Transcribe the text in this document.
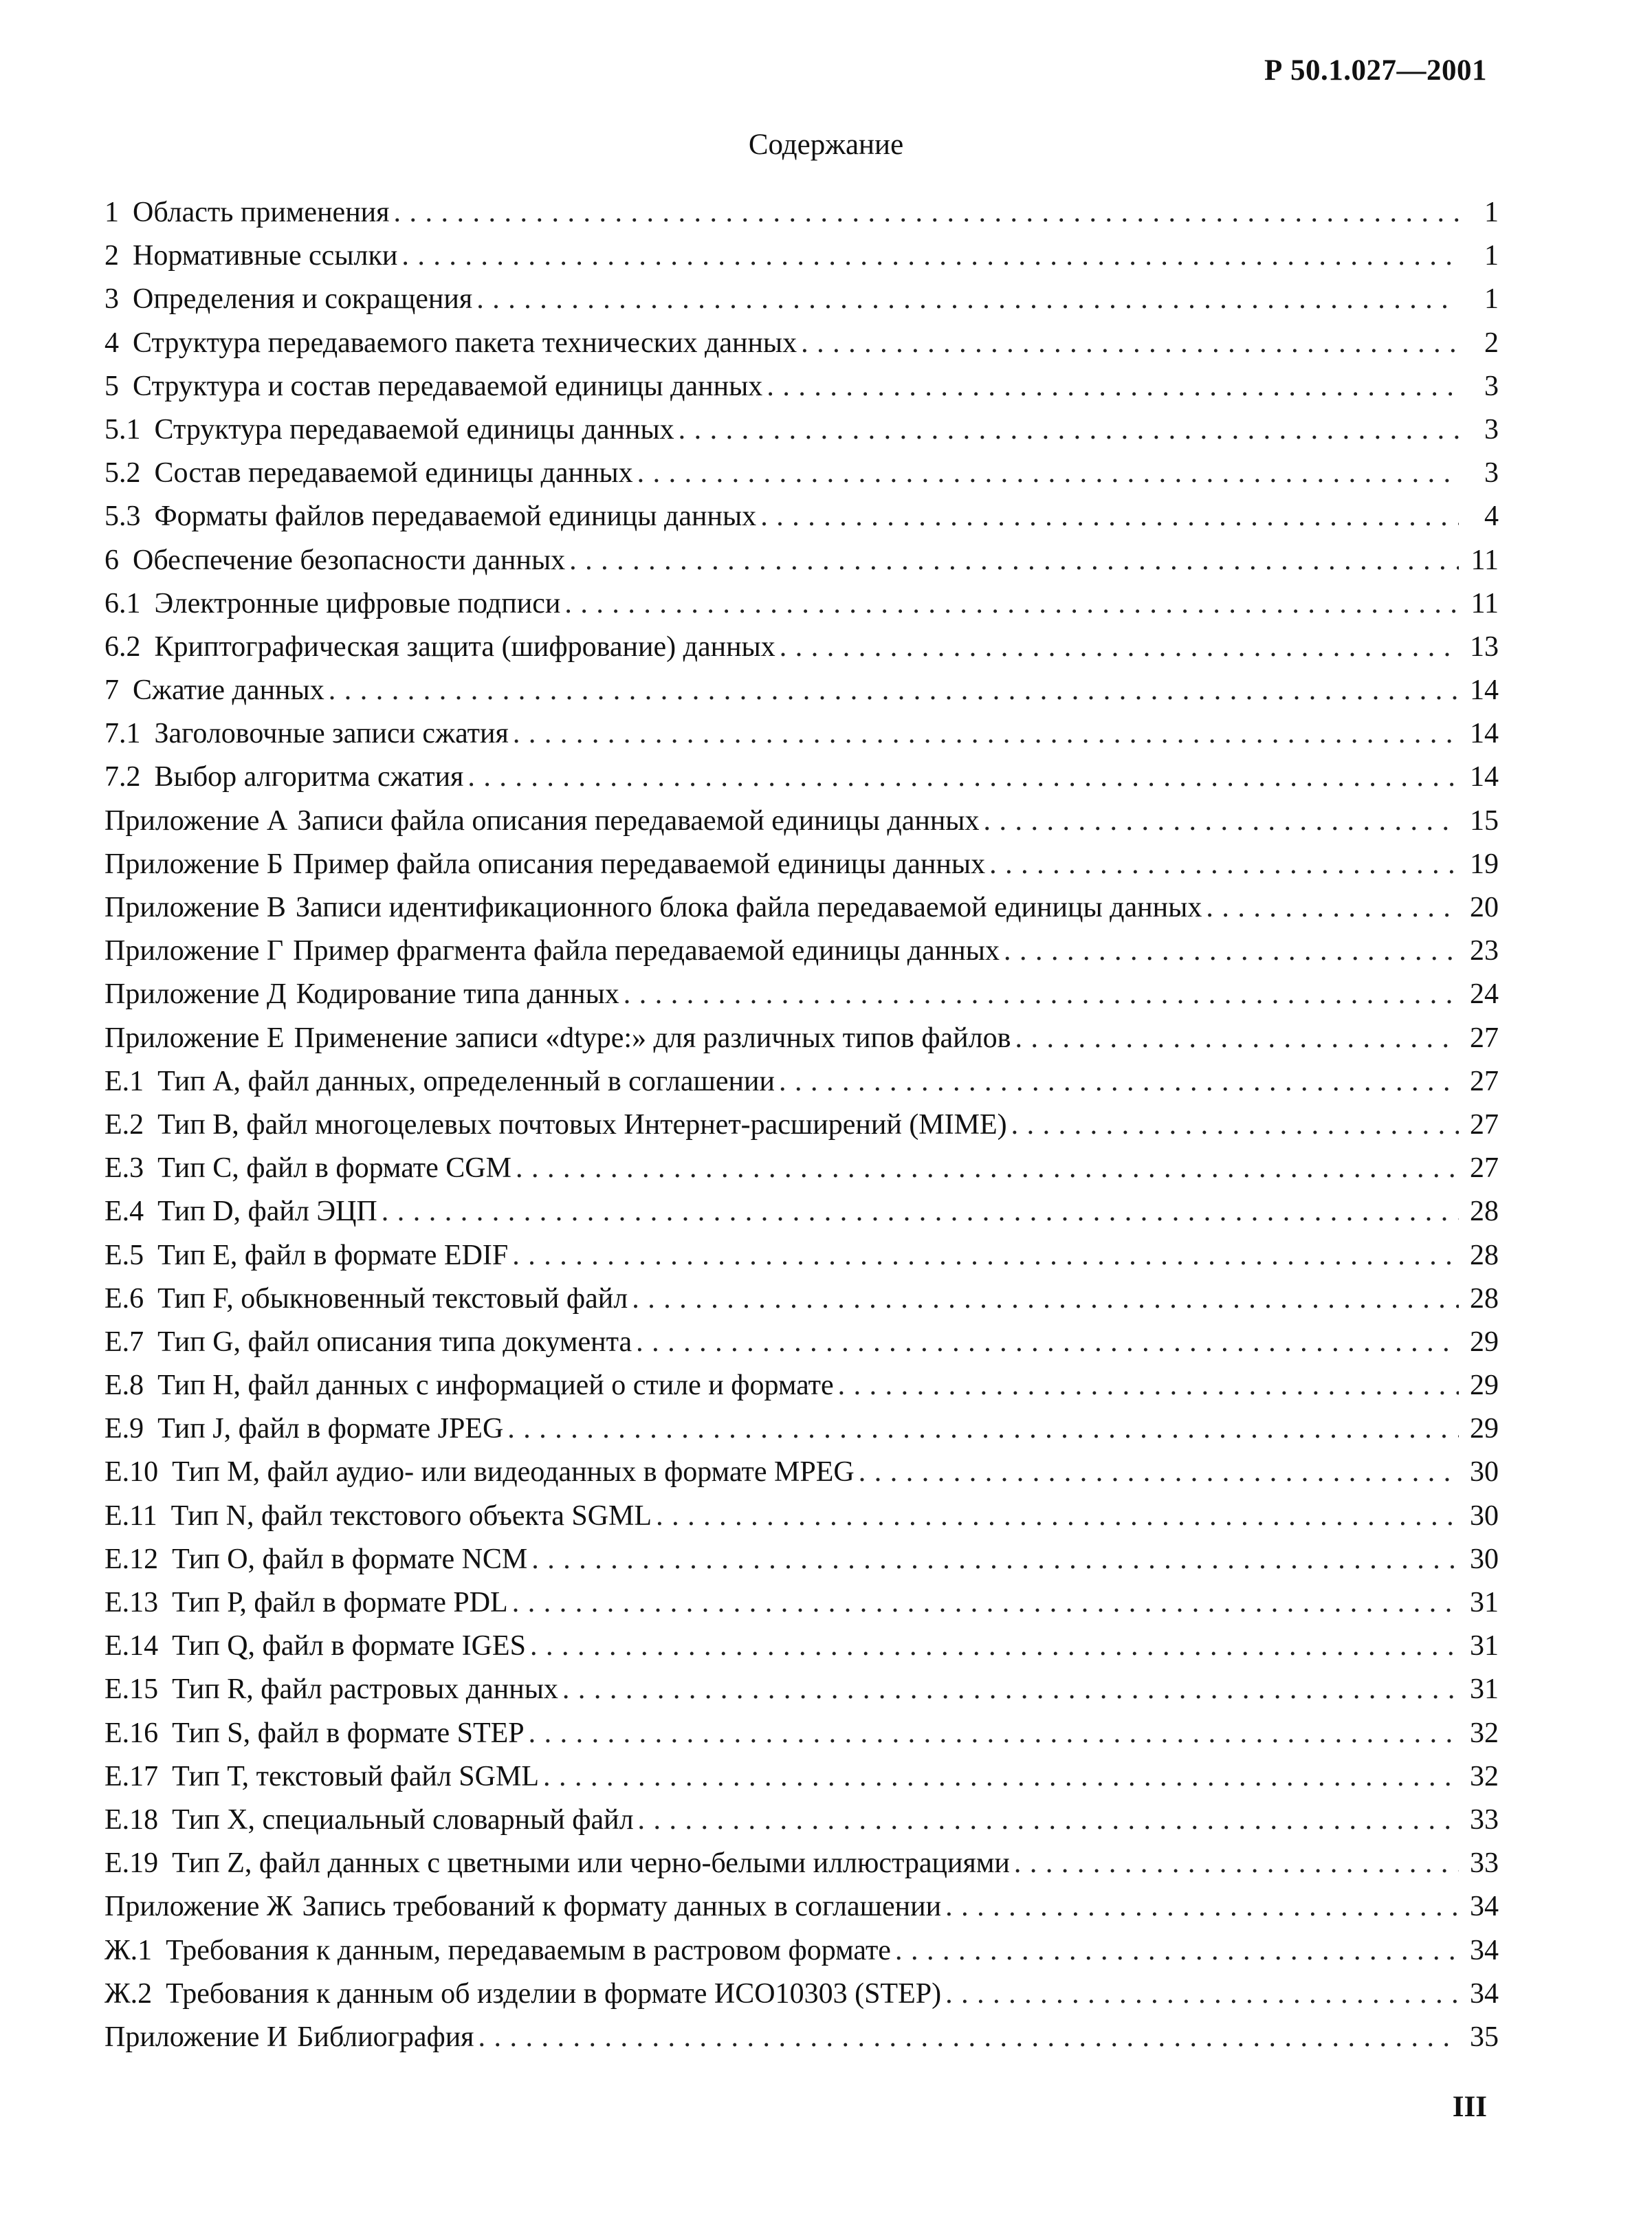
Р 50.1.027—2001
Содержание
1 Область применения . . .	1
2 Нормативные ссылки . . .	1
3 Определения и сокращения . . .	1
4 Структура передаваемого пакета технических данных . . .	2
5 Структура и состав передаваемой единицы данных . . .	3
5.1 Структура передаваемой единицы данных . . .	3
5.2 Состав передаваемой единицы данных . . .	3
5.3 Форматы файлов передаваемой единицы данных . . .	4
6 Обеспечение безопасности данных . . .	11
6.1 Электронные цифровые подписи . . .	11
6.2 Криптографическая защита (шифрование) данных . . .	13
7 Сжатие данных . . .	14
7.1 Заголовочные записи сжатия . . .	14
7.2 Выбор алгоритма сжатия . . .	14
Приложение А Записи файла описания передаваемой единицы данных . . .	15
Приложение Б Пример файла описания передаваемой единицы данных . . .	19
Приложение В Записи идентификационного блока файла передаваемой единицы данных . . .	20
Приложение Г Пример фрагмента файла передаваемой единицы данных . . .	23
Приложение Д Кодирование типа данных . . .	24
Приложение Е Применение записи «dtype:» для различных типов файлов . . .	27
Е.1 Тип А, файл данных, определенный в соглашении . . .	27
Е.2 Тип В, файл многоцелевых почтовых Интернет-расширений (MIME) . . .	27
Е.3 Тип С, файл в формате CGM . . .	27
Е.4 Тип D, файл ЭЦП . . .	28
Е.5 Тип Е, файл в формате EDIF . . .	28
Е.6 Тип F, обыкновенный текстовый файл . . .	28
Е.7 Тип G, файл описания типа документа . . .	29
Е.8 Тип Н, файл данных с информацией о стиле и формате . . .	29
Е.9 Тип J, файл в формате JPEG . . .	29
Е.10 Тип М, файл аудио- или видеоданных в формате MPEG . . .	30
Е.11 Тип N, файл текстового объекта SGML . . .	30
Е.12 Тип О, файл в формате NCM . . .	30
Е.13 Тип Р, файл в формате PDL . . .	31
Е.14 Тип Q, файл в формате IGES . . .	31
Е.15 Тип R, файл растровых данных . . .	31
Е.16 Тип S, файл в формате STEP . . .	32
Е.17 Тип Т, текстовый файл SGML . . .	32
Е.18 Тип X, специальный словарный файл . . .	33
Е.19 Тип Z, файл данных с цветными или черно-белыми иллюстрациями . . .	33
Приложение Ж Запись требований к формату данных в соглашении . . .	34
Ж.1 Требования к данным, передаваемым в растровом формате . . .	34
Ж.2 Требования к данным об изделии в формате ИСО10303 (STEP) . . .	34
Приложение И Библиография . . .	35
III
